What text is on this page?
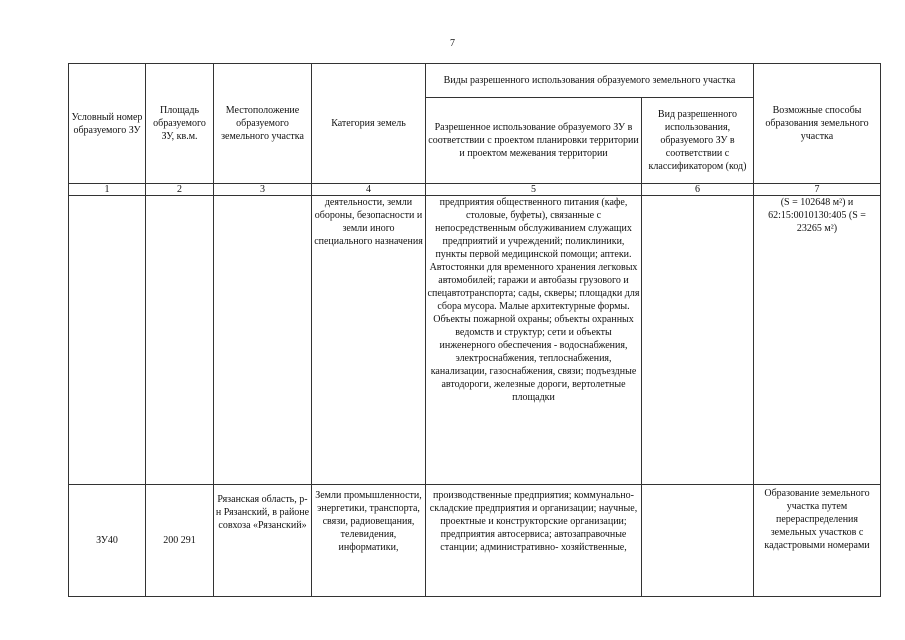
7
Условный номер образуемого ЗУ	Площадь образуемого ЗУ, кв.м.	Местоположение образуемого земельного участка	Категория земель	Виды разрешенного использования образуемого земельного участка		Возможные способы образования земельного участка
				Разрешенное использование образуемого ЗУ в соответствии с проектом планировки территории и проектом межевания территории	Вид разрешенного использования, образуемого ЗУ в соответствии с классификатором (код)	
1	2	3	4	5	6	7
			деятельности, земли обороны, безопасности и земли иного специального назначения	предприятия общественного питания (кафе, столовые, буфеты), связанные с непосредственным обслуживанием служащих предприятий и учреждений; поликлиники, пункты первой медицинской помощи; аптеки. Автостоянки для временного хранения легковых автомобилей; гаражи и автобазы грузового и спецавтотранспорта; сады, скверы; площадки для сбора мусора. Малые архитектурные формы. Объекты пожарной охраны; объекты охранных ведомств и структур; сети и объекты инженерного обеспечения - водоснабжения, электроснабжения, теплоснабжения, канализации, газоснабжения, связи; подъездные автодороги, железные дороги, вертолетные площадки		(S = 102648 м²) и 62:15:0010130:405 (S = 23265 м²)
ЗУ40	200 291	Рязанская область, р-н Рязанский, в районе совхоза «Рязанский»	Земли промышленности, энергетики, транспорта, связи, радиовещания, телевидения, информатики,	производственные предприятия; коммунально-складские предприятия и организации; научные, проектные и конструкторские организации; предприятия автосервиса; автозаправочные станции; административно- хозяйственные,		Образование земельного участка путем перераспределения земельных участков с кадастровыми номерами
